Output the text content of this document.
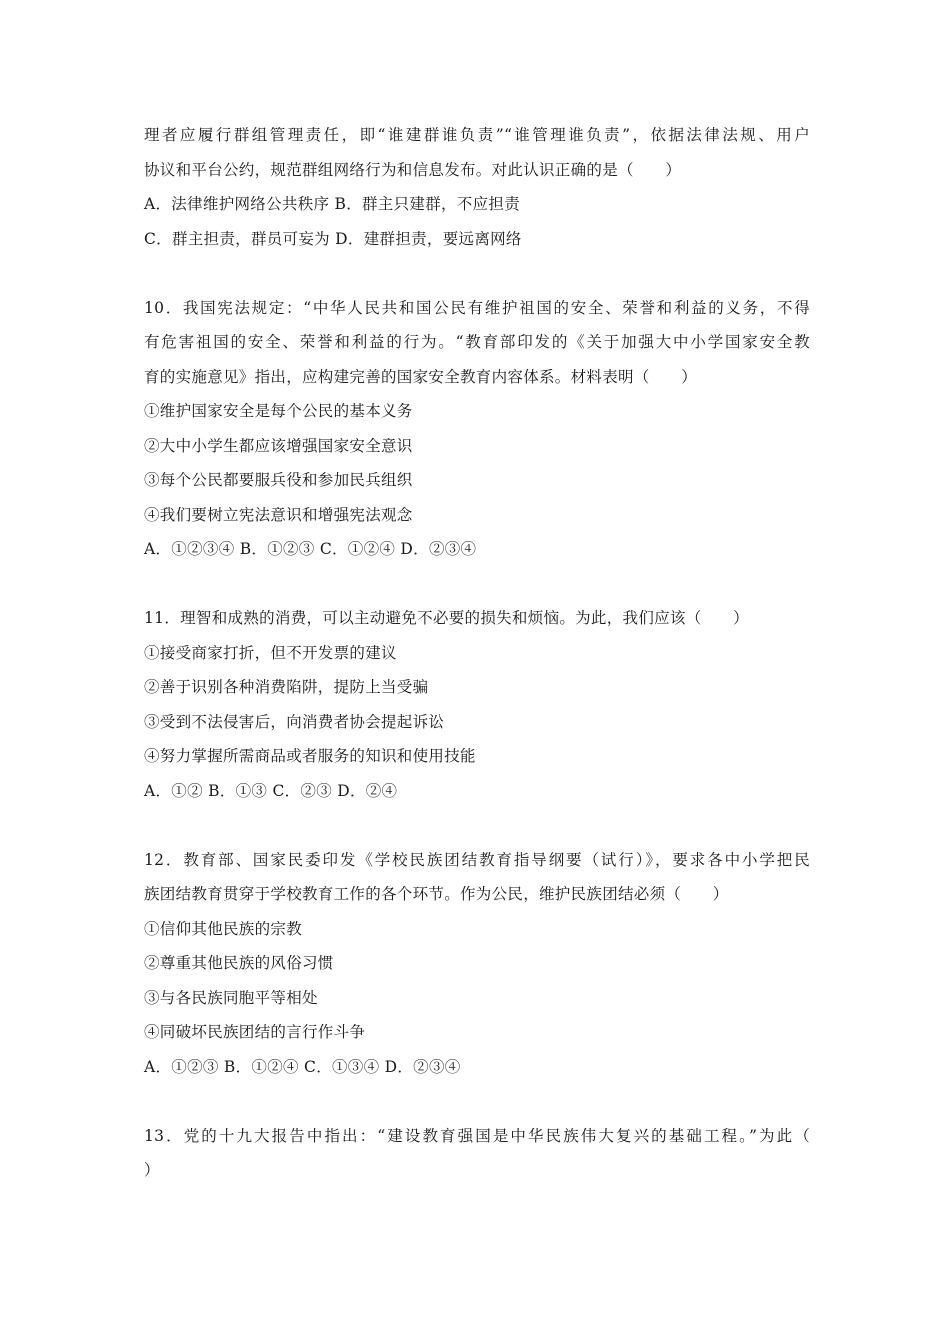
理者应履行群组管理责任，即“谁建群谁负责”“谁管理谁负责”，依据法律法规、用户
协议和平台公约，规范群组网络行为和信息发布。对此认识正确的是（　　）
A．法律维护网络公共秩序 B．群主只建群，不应担责
C．群主担责，群员可妄为 D．建群担责，要远离网络
10．我国宪法规定：“中华人民共和国公民有维护祖国的安全、荣誉和利益的义务，不得
有危害祖国的安全、荣誉和利益的行为。“教育部印发的《关于加强大中小学国家安全教
育的实施意见》指出，应构建完善的国家安全教育内容体系。材料表明（　　）
①维护国家安全是每个公民的基本义务
②大中小学生都应该增强国家安全意识
③每个公民都要服兵役和参加民兵组织
④我们要树立宪法意识和增强宪法观念
A．①②③④ B．①②③ C．①②④ D．②③④
11．理智和成熟的消费，可以主动避免不必要的损失和烦恼。为此，我们应该（　　）
①接受商家打折，但不开发票的建议
②善于识别各种消费陷阱，提防上当受骗
③受到不法侵害后，向消费者协会提起诉讼
④努力掌握所需商品或者服务的知识和使用技能
A．①② B．①③ C．②③ D．②④
12．教育部、国家民委印发《学校民族团结教育指导纲要（试行）》，要求各中小学把民
族团结教育贯穿于学校教育工作的各个环节。作为公民，维护民族团结必须（　　）
①信仰其他民族的宗教
②尊重其他民族的风俗习惯
③与各民族同胞平等相处
④同破坏民族团结的言行作斗争
A．①②③ B．①②④ C．①③④ D．②③④
13．党的十九大报告中指出：“建设教育强国是中华民族伟大复兴的基础工程。”为此（
）
